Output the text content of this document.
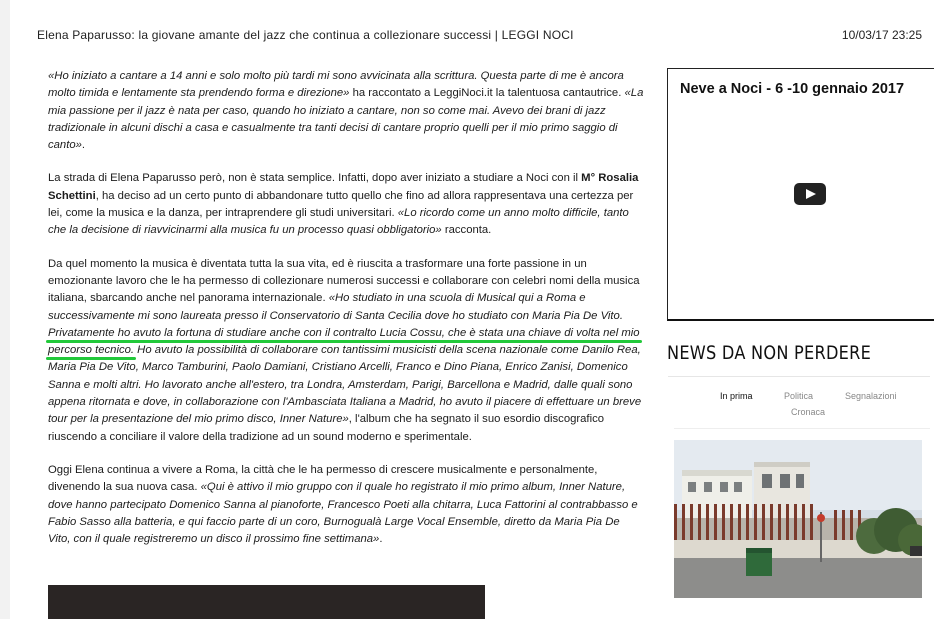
Elena Paparusso: la giovane amante del jazz che continua a collezionare successi | LEGGI NOCI	10/03/17 23:25

«Ho iniziato a cantare a 14 anni e solo molto più tardi mi sono avvicinata alla scrittura. Questa parte di me è ancora molto timida e lentamente sta prendendo forma e direzione» ha raccontato a LeggiNoci.it la talentuosa cantautrice. «La mia passione per il jazz è nata per caso, quando ho iniziato a cantare, non so come mai. Avevo dei brani di jazz tradizionale in alcuni dischi a casa e casualmente tra tanti decisi di cantare proprio quelli per il mio primo saggio di canto».

La strada di Elena Paparusso però, non è stata semplice. Infatti, dopo aver iniziato a studiare a Noci con il M° Rosalia Schettini, ha deciso ad un certo punto di abbandonare tutto quello che fino ad allora rappresentava una certezza per lei, come la musica e la danza, per intraprendere gli studi universitari. «Lo ricordo come un anno molto difficile, tanto che la decisione di riavvicinarmi alla musica fu un processo quasi obbligatorio» racconta.

Da quel momento la musica è diventata tutta la sua vita, ed è riuscita a trasformare una forte passione in un emozionante lavoro che le ha permesso di collezionare numerosi successi e collaborare con celebri nomi della musica italiana, sbarcando anche nel panorama internazionale. «Ho studiato in una scuola di Musical qui a Roma e successivamente mi sono laureata presso il Conservatorio di Santa Cecilia dove ho studiato con Maria Pia De Vito. Privatamente ho avuto la fortuna di studiare anche con il contralto Lucia Cossu, che è stata una chiave di volta nel mio percorso tecnico. Ho avuto la possibilità di collaborare con tantissimi musicisti della scena nazionale come Danilo Rea, Maria Pia De Vito, Marco Tamburini, Paolo Damiani, Cristiano Arcelli, Franco e Dino Piana, Enrico Zanisi, Domenico Sanna e molti altri. Ho lavorato anche all'estero, tra Londra, Amsterdam, Parigi, Barcellona e Madrid, dalle quali sono appena ritornata e dove, in collaborazione con l'Ambasciata Italiana a Madrid, ho avuto il piacere di effettuare un breve tour per la presentazione del mio primo disco, Inner Nature», l'album che ha segnato il suo esordio discografico riuscendo a conciliare il valore della tradizione ad un sound moderno e sperimentale.

Oggi Elena continua a vivere a Roma, la città che le ha permesso di crescere musicalmente e personalmente, divenendo la sua nuova casa. «Qui è attivo il mio gruppo con il quale ho registrato il mio primo album, Inner Nature, dove hanno partecipato Domenico Sanna al pianoforte, Francesco Poeti alla chitarra, Luca Fattorini al contrabbasso e Fabio Sasso alla batteria, e qui faccio parte di un coro, Burnogualà Large Vocal Ensemble, diretto da Maria Pia De Vito, con il quale registreremo un disco il prossimo fine settimana».

Neve a Noci - 6 -10 gennaio 2017
NEWS DA NON PERDERE
In prima	Politica	Segnalazioni
Cronaca
